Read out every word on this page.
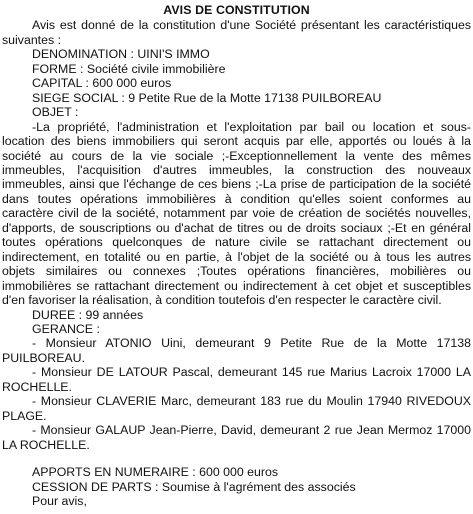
AVIS DE CONSTITUTION

Avis est donné de la constitution d'une Société présentant les caractéristiques suivantes :

DENOMINATION : UINI'S IMMO

FORME : Société civile immobilière

CAPITAL : 600 000 euros

SIEGE SOCIAL : 9 Petite Rue de la Motte 17138 PUILBOREAU

OBJET :

-La propriété, l'administration et l'exploitation par bail ou location et sous-location des biens immobiliers qui seront acquis par elle, apportés ou loués à la société au cours de la vie sociale ;-Exceptionnellement la vente des mêmes immeubles, l'acquisition d'autres immeubles, la construction des nouveaux immeubles, ainsi que l'échange de ces biens ;-La prise de participation de la société dans toutes opérations immobilières à condition qu'elles soient conformes au caractère civil de la société, notamment par voie de création de sociétés nouvelles, d'apports, de souscriptions ou d'achat de titres ou de droits sociaux ;-Et en général toutes opérations quelconques de nature civile se rattachant directement ou indirectement, en totalité ou en partie, à l'objet de la société ou à tous les autres objets similaires ou connexes ;Toutes opérations financières, mobilières ou immobilières se rattachant directement ou indirectement à cet objet et susceptibles d'en favoriser la réalisation, à condition toutefois d'en respecter le caractère civil.

DUREE : 99 années

GERANCE :

- Monsieur ATONIO Uini, demeurant 9 Petite Rue de la Motte 17138 PUILBOREAU.

- Monsieur DE LATOUR Pascal, demeurant 145 rue Marius Lacroix 17000 LA ROCHELLE.

- Monsieur CLAVERIE Marc, demeurant 183 rue du Moulin 17940 RIVEDOUX PLAGE.

- Monsieur GALAUP Jean-Pierre, David, demeurant 2 rue Jean Mermoz 17000 LA ROCHELLE.

APPORTS EN NUMERAIRE : 600 000 euros

CESSION DE PARTS : Soumise à l'agrément des associés

Pour avis,
